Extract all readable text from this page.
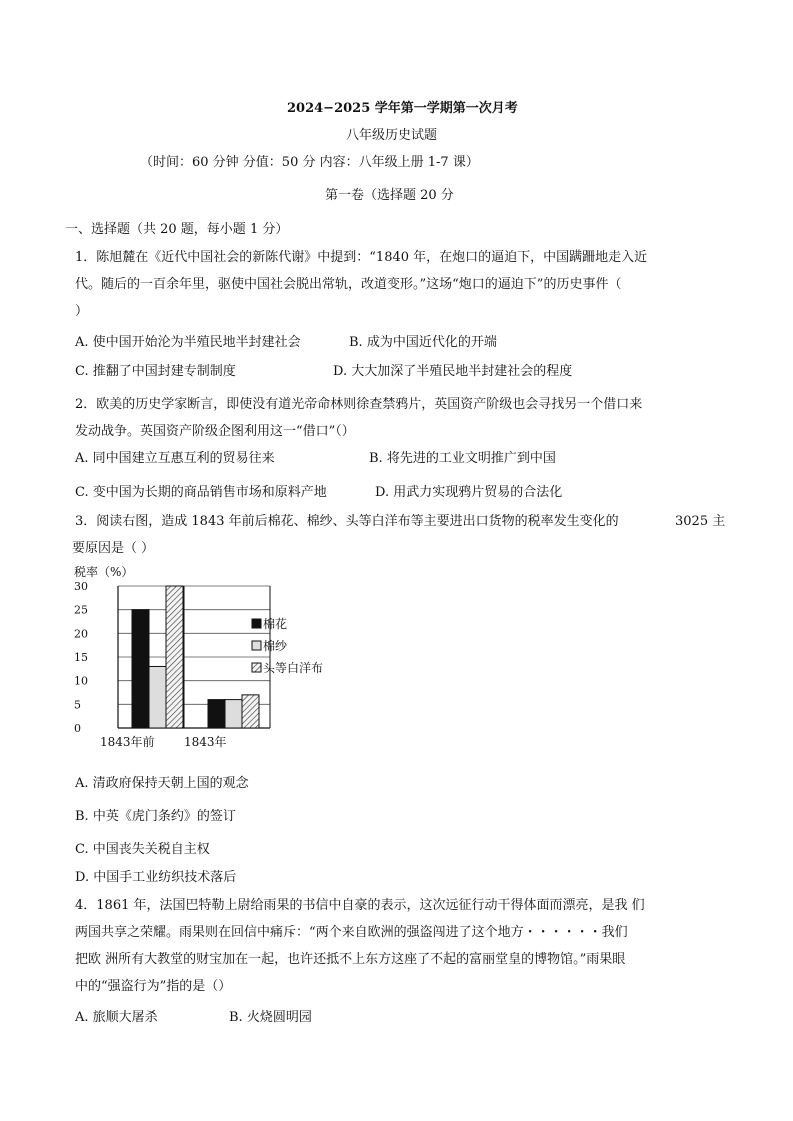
2024−2025 学年第一学期第一次月考
八年级历史试题
（时间：60 分钟 分值：50 分 内容：八年级上册 1-7 课）
第一卷（选择题 20 分
一、选择题（共 20 题，每小题 1 分）
1．陈旭麓在《近代中国社会的新陈代谢》中提到：“1840 年，在炮口的逼迫下，中国蹒跚地走入近
代。随后的一百余年里，驱使中国社会脱出常轨，改道变形。”这场“炮口的逼迫下”的历史事件（
）
A. 使中国开始沦为半殖民地半封建社会	B. 成为中国近代化的开端
C. 推翻了中国封建专制制度	D. 大大加深了半殖民地半封建社会的程度
2．欧美的历史学家断言，即使没有道光帝命林则徐查禁鸦片，英国资产阶级也会寻找另一个借口来
发动战争。英国资产阶级企图利用这一“借口”（）
A. 同中国建立互惠互利的贸易往来	B. 将先进的工业文明推广到中国
C. 变中国为长期的商品销售市场和原料产地	D. 用武力实现鸦片贸易的合法化
3．阅读右图，造成 1843 年前后棉花、棉纱、头等白洋布等主要进出口货物的税率发生变化的	3025 主
要原因是（ ）
税率（%）
0
5
10
15
20
25
30
1843年前 1843年
棉花
棉纱
头等白洋布
A. 清政府保持天朝上国的观念
B. 中英《虎门条约》的签订
C. 中国丧失关税自主权
D. 中国手工业纺织技术落后
4．1861 年，法国巴特勒上尉给雨果的书信中自豪的表示，这次远征行动干得体面而漂亮，是我 们
两国共享之荣耀。雨果则在回信中痛斥：“两个来自欧洲的强盗闯进了这个地方・・・・・・我们
把欧 洲所有大教堂的财宝加在一起，也许还抵不上东方这座了不起的富丽堂皇的博物馆。”雨果眼
中的“强盗行为”指的是（）
A. 旅顺大屠杀	B. 火烧圆明园
